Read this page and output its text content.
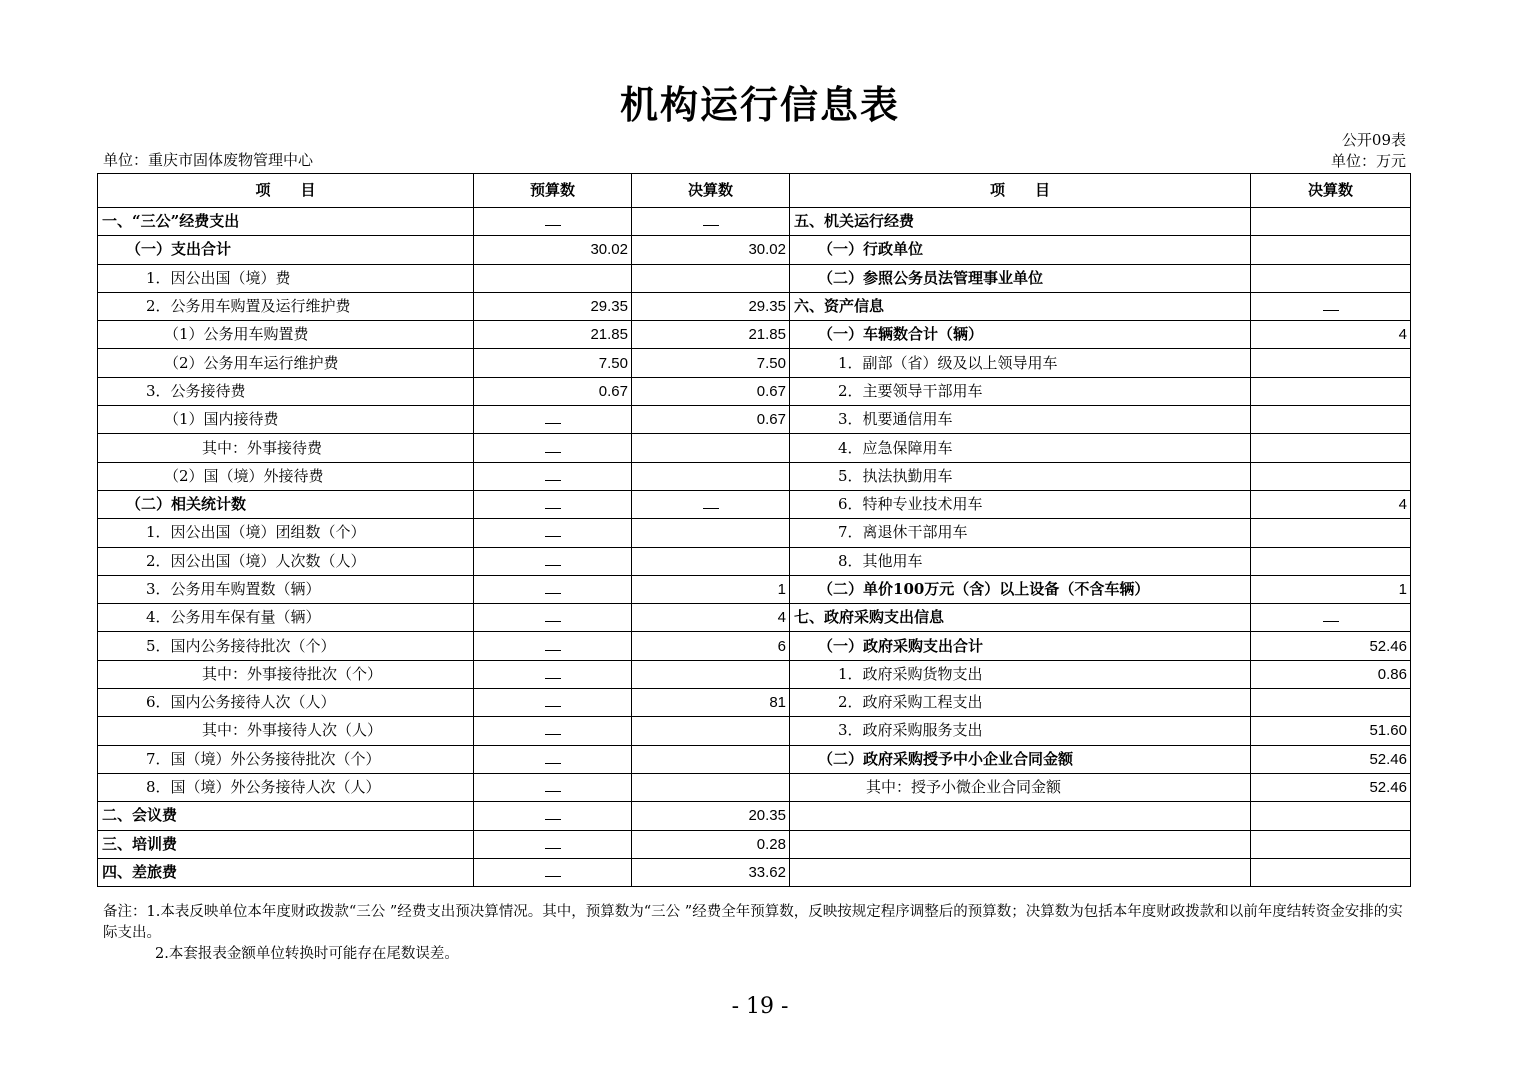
机构运行信息表
单位：重庆市固体废物管理中心
公开09表
单位：万元
项　　目	预算数	决算数	项　　目	决算数
一、“三公”经费支出			五、机关运行经费	
（一）支出合计	30.02	30.02	（一）行政单位	
1．因公出国（境）费			（二）参照公务员法管理事业单位	
2．公务用车购置及运行维护费	29.35	29.35	六、资产信息	
（1）公务用车购置费	21.85	21.85	（一）车辆数合计（辆）	4
（2）公务用车运行维护费	7.50	7.50	1．副部（省）级及以上领导用车	
3．公务接待费	0.67	0.67	2．主要领导干部用车	
（1）国内接待费		0.67	3．机要通信用车	
其中：外事接待费			4．应急保障用车	
（2）国（境）外接待费			5．执法执勤用车	
（二）相关统计数			6．特种专业技术用车	4
1．因公出国（境）团组数（个）			7．离退休干部用车	
2．因公出国（境）人次数（人）			8．其他用车	
3．公务用车购置数（辆）		1	（二）单价100万元（含）以上设备（不含车辆）	1
4．公务用车保有量（辆）		4	七、政府采购支出信息	
5．国内公务接待批次（个）		6	（一）政府采购支出合计	52.46
其中：外事接待批次（个）			1．政府采购货物支出	0.86
6．国内公务接待人次（人）		81	2．政府采购工程支出	
其中：外事接待人次（人）			3．政府采购服务支出	51.60
7．国（境）外公务接待批次（个）			（二）政府采购授予中小企业合同金额	52.46
8．国（境）外公务接待人次（人）			其中：授予小微企业合同金额	52.46
二、会议费		20.35		
三、培训费		0.28		
四、差旅费		33.62		
备注：1.本表反映单位本年度财政拨款“三公 ”经费支出预决算情况。其中，预算数为“三公 ”经费全年预算数，反映按规定程序调整后的预算数；决算数为包括本年度财政拨款和以前年度结转资金安排的实际支出。
2.本套报表金额单位转换时可能存在尾数误差。
- 19 -
